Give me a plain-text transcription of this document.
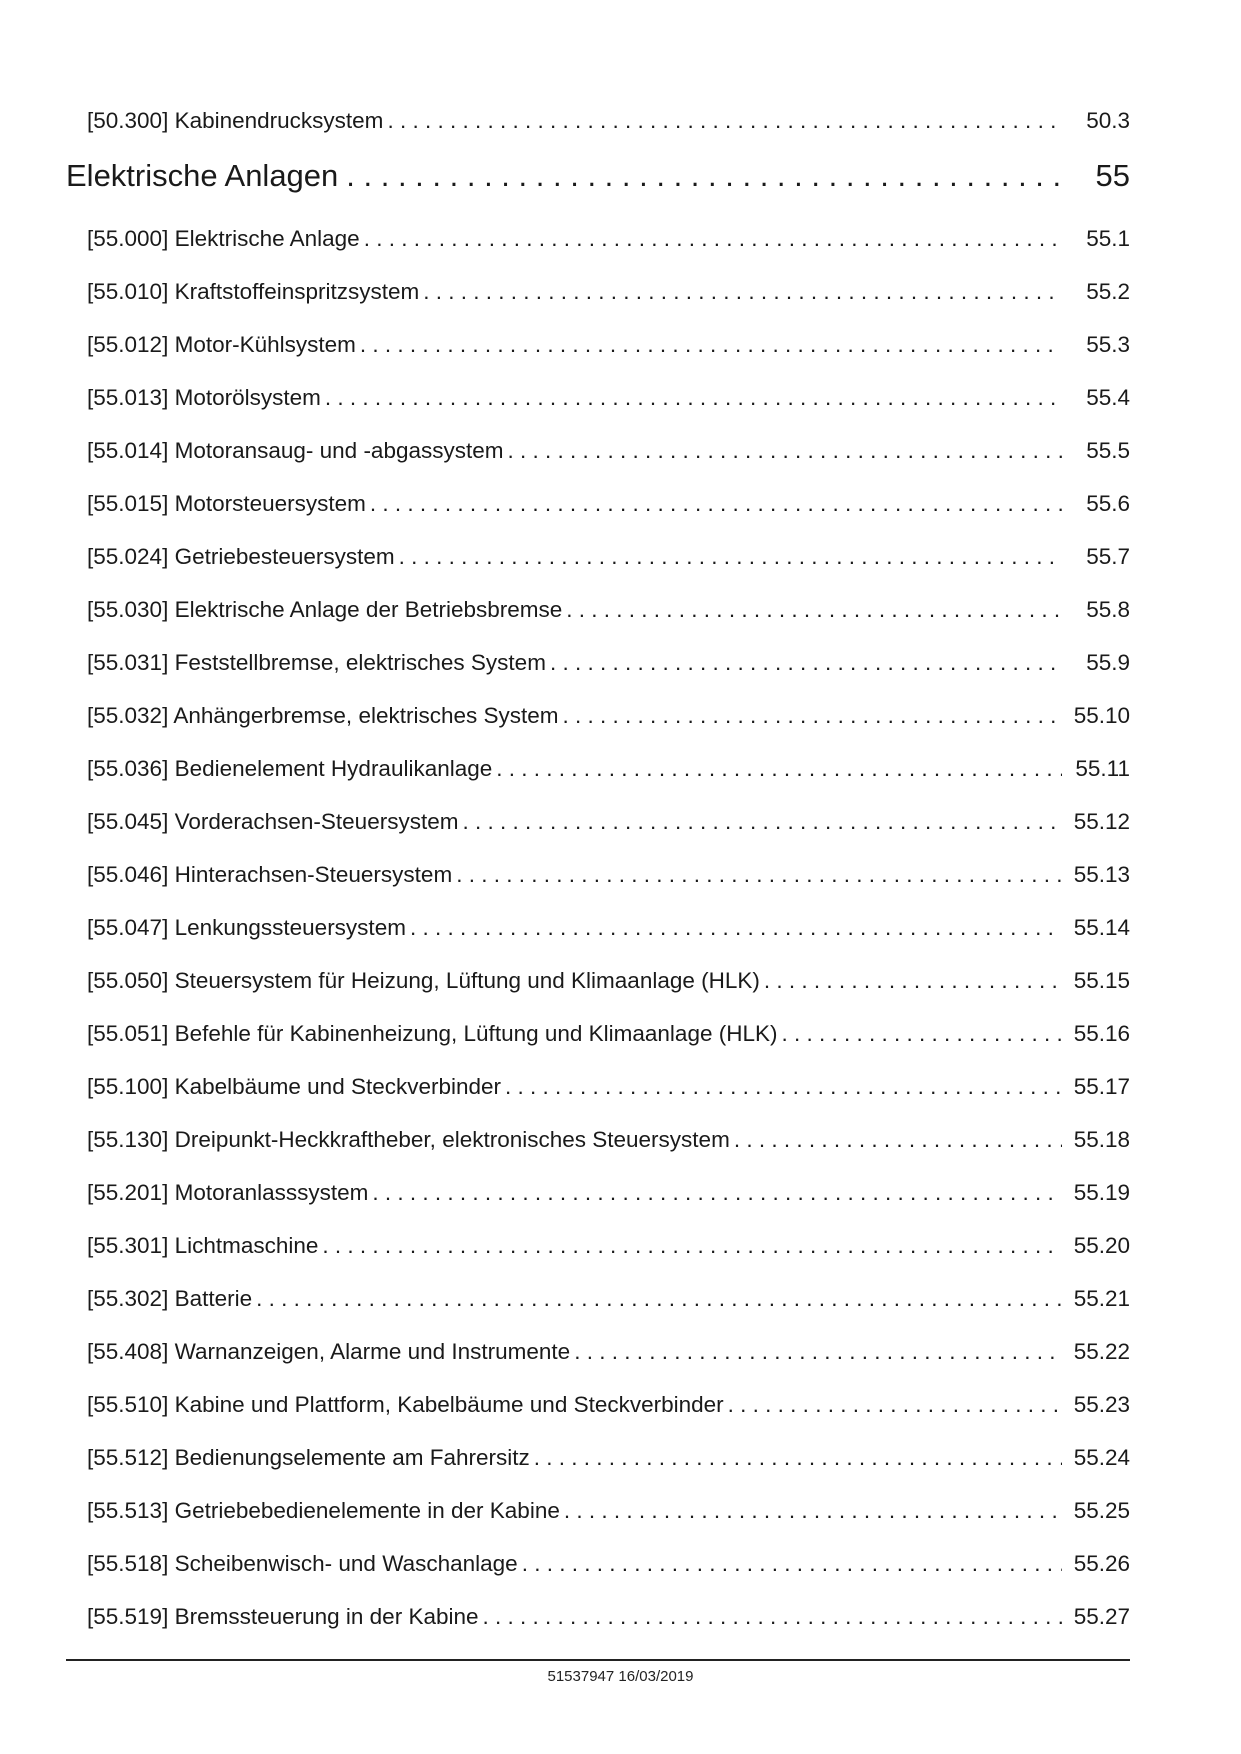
[50.300] Kabinendrucksystem . . .	50.3
Elektrische Anlagen . . .	55
[55.000] Elektrische Anlage . . .	55.1
[55.010] Kraftstoffeinspritzsystem . . .	55.2
[55.012] Motor-Kühlsystem . . .	55.3
[55.013] Motorölsystem . . .	55.4
[55.014] Motoransaug- und -abgassystem . . .	55.5
[55.015] Motorsteuersystem . . .	55.6
[55.024] Getriebesteuersystem . . .	55.7
[55.030] Elektrische Anlage der Betriebsbremse . . .	55.8
[55.031] Feststellbremse, elektrisches System . . .	55.9
[55.032] Anhängerbremse, elektrisches System . . .	55.10
[55.036] Bedienelement Hydraulikanlage . . .	55.11
[55.045] Vorderachsen-Steuersystem . . .	55.12
[55.046] Hinterachsen-Steuersystem . . .	55.13
[55.047] Lenkungssteuersystem . . .	55.14
[55.050] Steuersystem für Heizung, Lüftung und Klimaanlage (HLK) . . .	55.15
[55.051] Befehle für Kabinenheizung, Lüftung und Klimaanlage (HLK) . . .	55.16
[55.100] Kabelbäume und Steckverbinder . . .	55.17
[55.130] Dreipunkt-Heckkraftheber, elektronisches Steuersystem . . .	55.18
[55.201] Motoranlasssystem . . .	55.19
[55.301] Lichtmaschine . . .	55.20
[55.302] Batterie . . .	55.21
[55.408] Warnanzeigen, Alarme und Instrumente . . .	55.22
[55.510] Kabine und Plattform, Kabelbäume und Steckverbinder . . .	55.23
[55.512] Bedienungselemente am Fahrersitz . . .	55.24
[55.513] Getriebebedienelemente in der Kabine . . .	55.25
[55.518] Scheibenwisch- und Waschanlage . . .	55.26
[55.519] Bremssteuerung in der Kabine . . .	55.27
51537947 16/03/2019
